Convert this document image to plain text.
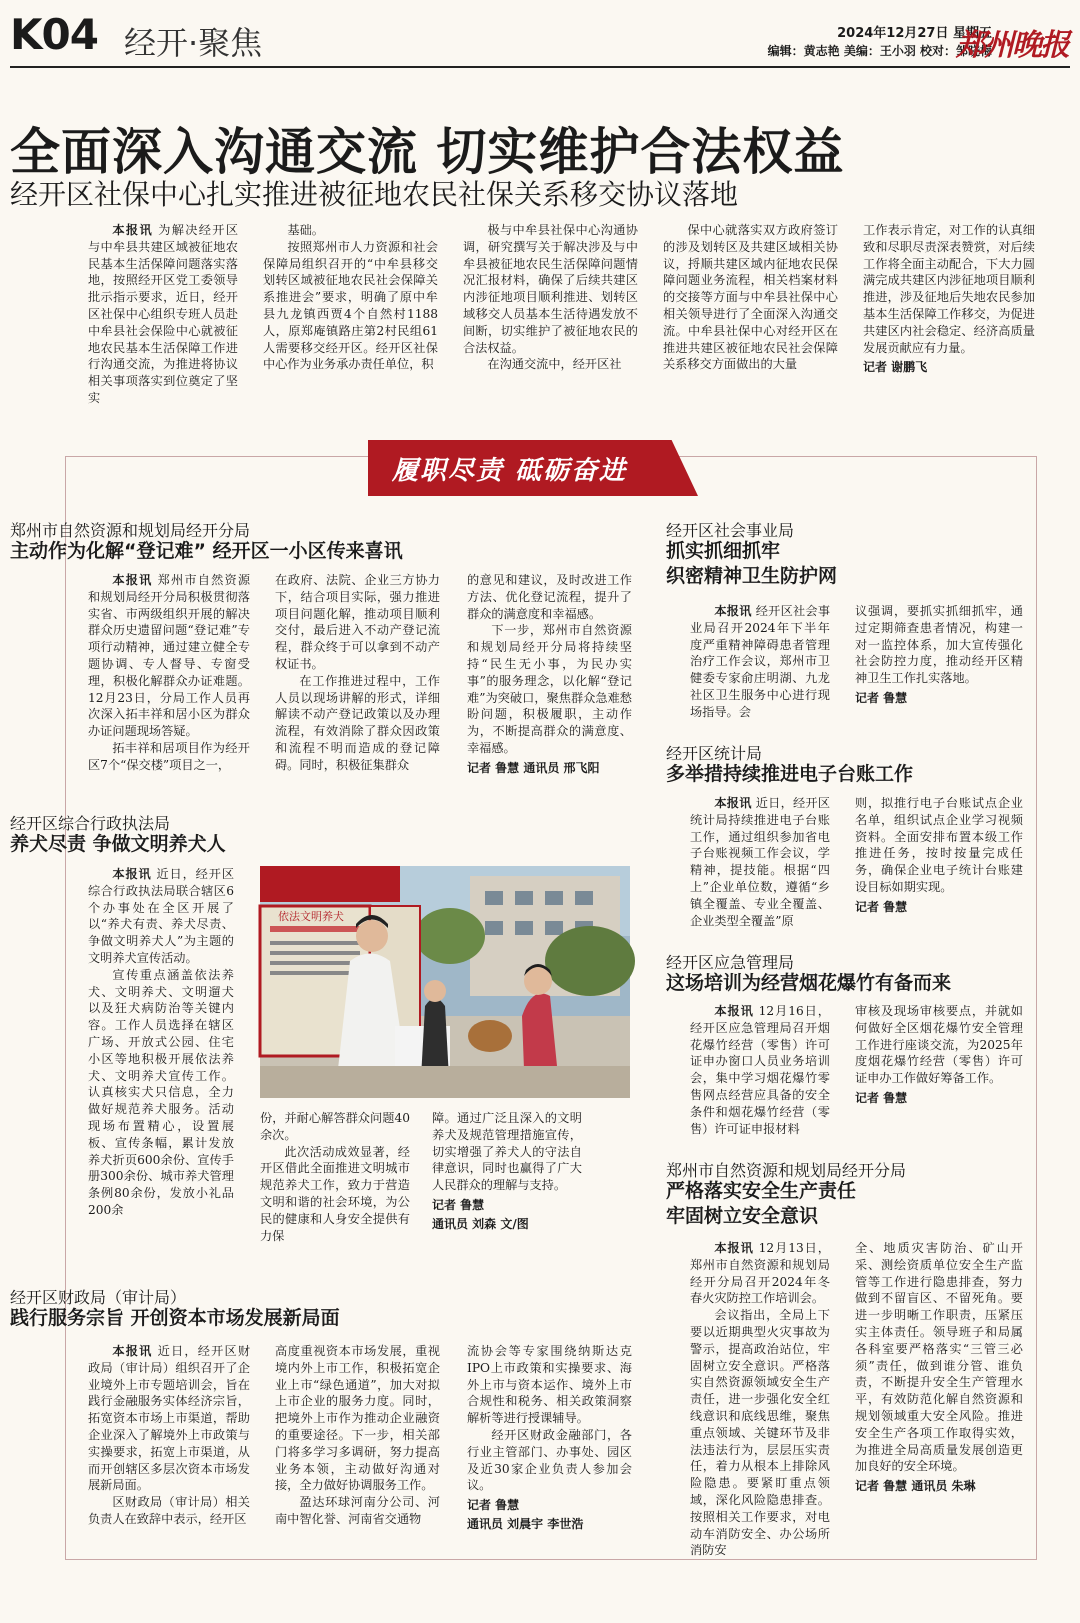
K04 经开·聚焦	2024年12月27日 星期五
编辑：黄志艳 美编：王小羽 校对：邹晓梅
郑州晚报
全面深入沟通交流 切实维护合法权益
经开区社保中心扎实推进被征地农民社保关系移交协议落地

本报讯 为解决经开区与中牟县共建区域被征地农民基本生活保障问题落实落地，按照经开区党工委领导批示指示要求，近日，经开区社保中心组织专班人员赴中牟县社会保险中心就被征地农民基本生活保障工作进行沟通交流，为推进将协议相关事项落实到位奠定了坚实

基础。

按照郑州市人力资源和社会保障局组织召开的“中牟县移交划转区域被征地农民社会保障关系推进会”要求，明确了原中牟县九龙镇西贾4个自然村1188人，原郑庵镇路庄第2村民组61人需要移交经开区。经开区社保中心作为业务承办责任单位，积

极与中牟县社保中心沟通协调，研究撰写关于解决涉及与中牟县被征地农民生活保障问题情况汇报材料，确保了后续共建区内涉征地项目顺利推进、划转区域移交人员基本生活待遇发放不间断，切实维护了被征地农民的合法权益。

在沟通交流中，经开区社

保中心就落实双方政府签订的涉及划转区及共建区域相关协议，捋顺共建区域内征地农民保障问题业务流程，相关档案材料的交接等方面与中牟县社保中心相关领导进行了全面深入沟通交流。中牟县社保中心对经开区在推进共建区被征地农民社会保障关系移交方面做出的大量

工作表示肯定，对工作的认真细致和尽职尽责深表赞赏，对后续工作将全面主动配合，下大力圆满完成共建区内涉征地项目顺利推进，涉及征地后失地农民参加基本生活保障工作移交，为促进共建区内社会稳定、经济高质量发展贡献应有力量。

记者 谢鹏飞
履职尽责 砥砺奋进
郑州市自然资源和规划局经开分局
主动作为化解“登记难” 经开区一小区传来喜讯

本报讯 郑州市自然资源和规划局经开分局积极贯彻落实省、市两级组织开展的解决群众历史遗留问题“登记难”专项行动精神，通过建立健全专题协调、专人督导、专窗受理，积极化解群众办证难题。12月23日，分局工作人员再次深入拓丰祥和居小区为群众办证问题现场答疑。

拓丰祥和居项目作为经开区7个“保交楼”项目之一，

在政府、法院、企业三方协力下，结合项目实际，强力推进项目问题化解，推动项目顺利交付，最后进入不动产登记流程，群众终于可以拿到不动产权证书。

在工作推进过程中，工作人员以现场讲解的形式，详细解读不动产登记政策以及办理流程，有效消除了群众因政策和流程不明而造成的登记障碍。同时，积极征集群众

的意见和建议，及时改进工作方法、优化登记流程，提升了群众的满意度和幸福感。

下一步，郑州市自然资源和规划局经开分局将持续坚持“民生无小事，为民办实事”的服务理念，以化解“登记难”为突破口，聚焦群众急难愁盼问题，积极履职，主动作为，不断提高群众的满意度、幸福感。

记者 鲁慧 通讯员 邢飞阳
经开区社会事业局
抓实抓细抓牢
织密精神卫生防护网

本报讯 经开区社会事业局召开2024年下半年度严重精神障碍患者管理治疗工作会议，郑州市卫健委专家俞庄明湖、九龙社区卫生服务中心进行现场指导。会

议强调，要抓实抓细抓牢，通过定期筛查患者情况，构建一对一监控体系，加大宣传强化社会防控力度，推动经开区精神卫生工作扎实落地。

记者 鲁慧
经开区统计局
多举措持续推进电子台账工作

本报讯 近日，经开区统计局持续推进电子台账工作，通过组织参加省电子台账视频工作会议，学精神，提技能。根据“四上”企业单位数，遵循“乡镇全覆盖、专业全覆盖、企业类型全覆盖”原

则，拟推行电子台账试点企业名单，组织试点企业学习视频资料。全面安排布置本级工作推进任务，按时按量完成任务，确保企业电子统计台账建设目标如期实现。

记者 鲁慧
经开区综合行政执法局
养犬尽责 争做文明养犬人

本报讯 近日，经开区综合行政执法局联合辖区6个办事处在全区开展了以“养犬有责、养犬尽责、争做文明养犬人”为主题的文明养犬宣传活动。

宣传重点涵盖依法养犬、文明养犬、文明遛犬以及狂犬病防治等关键内容。工作人员选择在辖区广场、开放式公园、住宅小区等地积极开展依法养犬、文明养犬宣传工作。认真核实犬只信息，全力做好规范养犬服务。活动现场布置精心，设置展板、宣传条幅，累计发放养犬折页600余份、宣传手册300余份、城市养犬管理条例80余份，发放小礼品200余

依法文明养犬

份，并耐心解答群众问题40余次。

此次活动成效显著，经开区借此全面推进文明城市规范养犬工作，致力于营造文明和谐的社会环境，为公民的健康和人身安全提供有力保

障。通过广泛且深入的文明养犬及规范管理措施宣传，切实增强了养犬人的守法自律意识，同时也赢得了广大人民群众的理解与支持。

记者 鲁慧
通讯员 刘森 文/图
经开区应急管理局
这场培训为经营烟花爆竹有备而来

本报讯 12月16日，经开区应急管理局召开烟花爆竹经营（零售）许可证申办窗口人员业务培训会，集中学习烟花爆竹零售网点经营应具备的安全条件和烟花爆竹经营（零售）许可证申报材料

审核及现场审核要点，并就如何做好全区烟花爆竹安全管理工作进行座谈交流，为2025年度烟花爆竹经营（零售）许可证申办工作做好筹备工作。

记者 鲁慧
郑州市自然资源和规划局经开分局
严格落实安全生产责任
牢固树立安全意识

本报讯 12月13日，郑州市自然资源和规划局经开分局召开2024年冬春火灾防控工作培训会。

会议指出，全局上下要以近期典型火灾事故为警示，提高政治站位，牢固树立安全意识。严格落实自然资源领域安全生产责任，进一步强化安全红线意识和底线思维，聚焦重点领域、关键环节及非法违法行为，层层压实责任，着力从根本上排除风险隐患。要紧盯重点领域，深化风险隐患排查。按照相关工作要求，对电动车消防安全、办公场所消防安

全、地质灾害防治、矿山开采、测绘资质单位安全生产监管等工作进行隐患排查，努力做到不留盲区、不留死角。要进一步明晰工作职责，压紧压实主体责任。领导班子和局属各科室要严格落实“三管三必须”责任，做到谁分管、谁负责，不断提升安全生产管理水平，有效防范化解自然资源和规划领域重大安全风险。推进安全生产各项工作取得实效，为推进全局高质量发展创造更加良好的安全环境。

记者 鲁慧 通讯员 朱琳
经开区财政局（审计局）
践行服务宗旨 开创资本市场发展新局面

本报讯 近日，经开区财政局（审计局）组织召开了企业境外上市专题培训会，旨在践行金融服务实体经济宗旨，拓宽资本市场上市渠道，帮助企业深入了解境外上市政策与实操要求，拓宽上市渠道，从而开创辖区多层次资本市场发展新局面。

区财政局（审计局）相关负责人在致辞中表示，经开区

高度重视资本市场发展，重视境内外上市工作，积极拓宽企业上市“绿色通道”，加大对拟上市企业的服务力度。同时，把境外上市作为推动企业融资的重要途径。下一步，相关部门将多学习多调研，努力提高业务本领，主动做好沟通对接，全力做好协调服务工作。

盈达环球河南分公司、河南中智化誉、河南省交通物

流协会等专家围绕纳斯达克IPO上市政策和实操要求、海外上市与资本运作、境外上市合规性和税务、相关政策洞察解析等进行授课辅导。

经开区财政金融部门，各行业主管部门、办事处、园区及近30家企业负责人参加会议。

记者 鲁慧
通讯员 刘晨宇 李世浩
